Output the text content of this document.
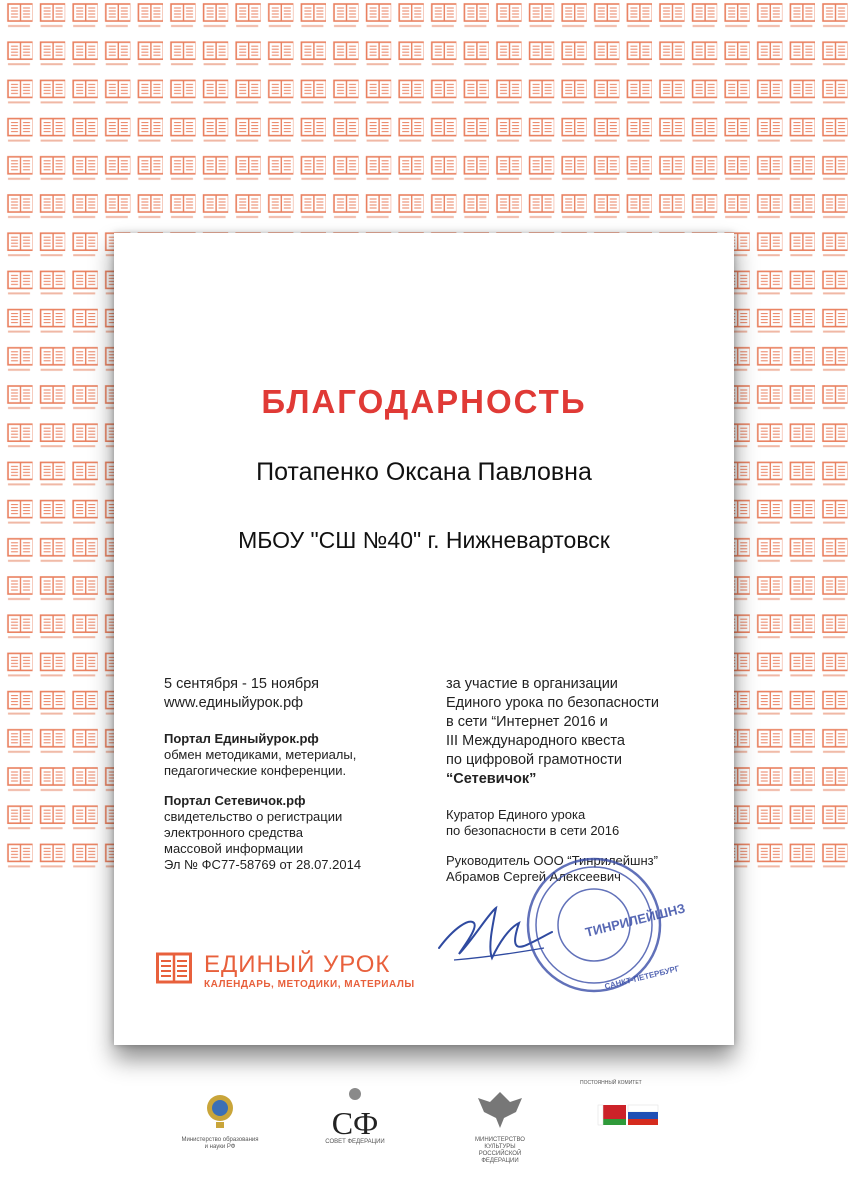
БЛАГОДАРНОСТЬ
Потапенко Оксана Павловна
МБОУ "СШ №40" г. Нижневартовск

5 сентября - 15 ноября

www.единыйурок.рф

Портал Единыйурок.рф

обмен методиками, метериалы,

педагогические конференции.

Портал Сетевичок.рф

свидетельство о регистрации

электронного средства

массовой информации

Эл № ФС77-58769 от 28.07.2014

за участие в организации

Единого урока по безопасности

в сети “Интернет 2016 и

III Международного квеста

по цифровой грамотности

“Сетевичок”

Куратор Единого урока

по безопасности в сети 2016

Руководитель ООО “Тинрилейшнз”

Абрамов Сергей Алексеевич

ЕДИНЫЙ УРОК
КАЛЕНДАРЬ, МЕТОДИКИ, МАТЕРИАЛЫ
ТИНРИЛЕЙШНЗ
САНКТ-ПЕТЕРБУРГ
Министерство образования
и науки РФ
СФ
СОВЕТ ФЕДЕРАЦИИ	МИНИСТЕРСТВО КУЛЬТУРЫ
РОССИЙСКОЙ ФЕДЕРАЦИИ
ПОСТОЯННЫЙ КОМИТЕТ
